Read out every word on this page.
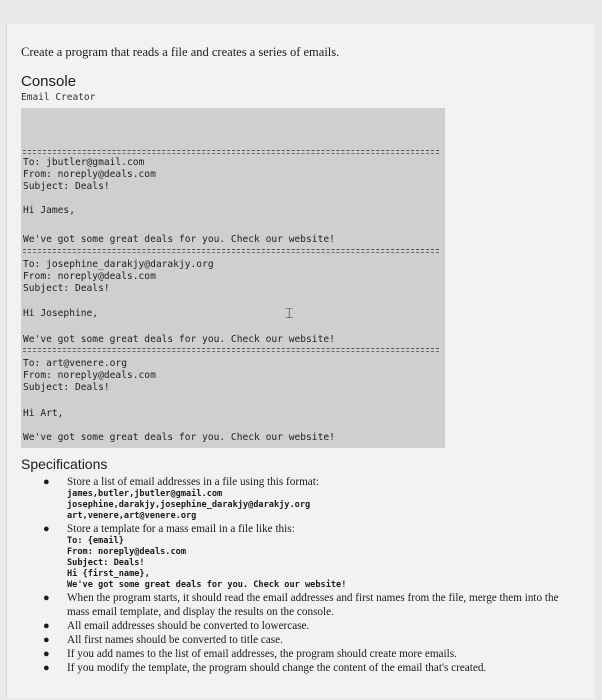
Create a program that reads a file and creates a series of emails.
Console
Email Creator
To: jbutler@gmail.com
From: noreply@deals.com
Subject: Deals!
Hi James,
We've got some great deals for you. Check our website!
To: josephine_darakjy@darakjy.org
From: noreply@deals.com
Subject: Deals!
Hi Josephine,
We've got some great deals for you. Check our website!
To: art@venere.org
From: noreply@deals.com
Subject: Deals!
Hi Art,
We've got some great deals for you. Check our website!
⌶
Specifications
● Store a list of email addresses in a file using this format:
james,butler,jbutler@gmail.com
josephine,darakjy,josephine_darakjy@darakjy.org
art,venere,art@venere.org
● Store a template for a mass email in a file like this:
To: {email}
From: noreply@deals.com
Subject: Deals!
Hi {first_name},
We've got some great deals for you. Check our website!
● When the program starts, it should read the email addresses and first names from the file, merge them into the mass email template, and display the results on the console.
● All email addresses should be converted to lowercase.
● All first names should be converted to title case.
● If you add names to the list of email addresses, the program should create more emails.
● If you modify the template, the program should change the content of the email that's created.
